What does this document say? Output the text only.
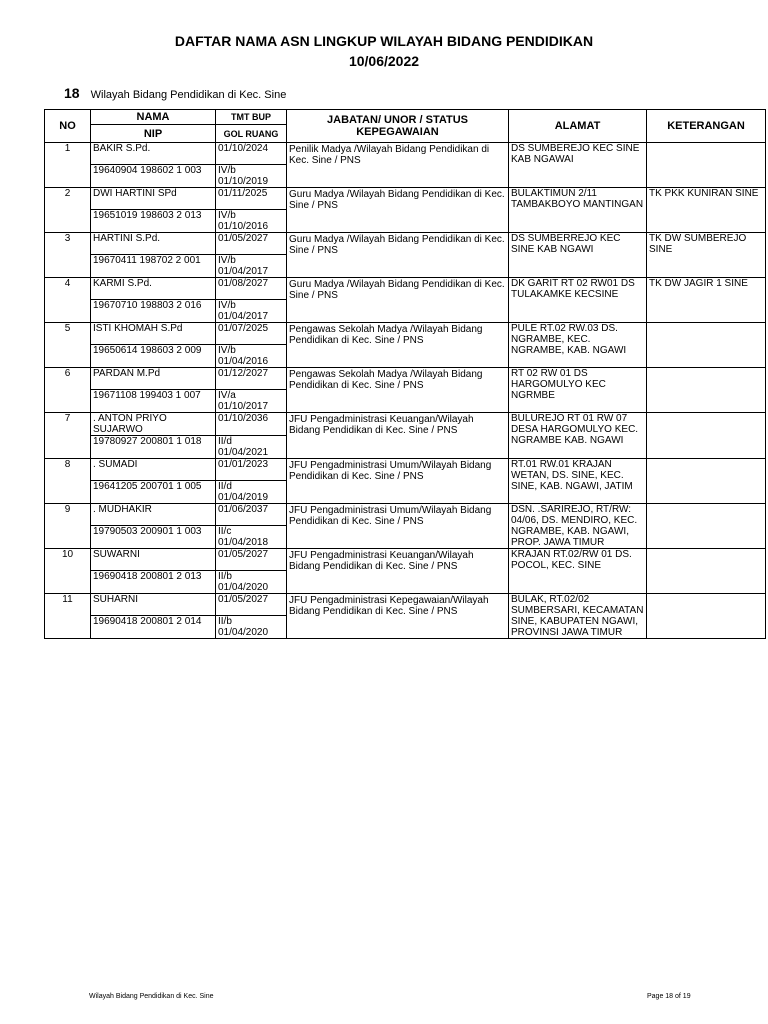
DAFTAR NAMA ASN LINGKUP WILAYAH BIDANG PENDIDIKAN
10/06/2022
18 Wilayah Bidang Pendidikan di Kec. Sine
NO	NAMA	TMT BUP	JABATAN/ UNOR / STATUS KEPEGAWAIAN	ALAMAT	KETERANGAN
	NIP	GOL RUANG			
1	BAKIR S.Pd.	01/10/2024	Penilik Madya /Wilayah Bidang Pendidikan di Kec. Sine / PNS	DS SUMBEREJO KEC SINE KAB NGAWAI	
	19640904 198602 1 003	IV/b
01/10/2019			

2	DWI HARTINI SPd	01/11/2025	Guru Madya /Wilayah Bidang Pendidikan di Kec. Sine / PNS	BULAKTIMUN 2/11 TAMBAKBOYO MANTINGAN	TK PKK KUNIRAN SINE
	19651019 198603 2 013	IV/b
01/10/2016			

3	HARTINI S.Pd.	01/05/2027	Guru Madya /Wilayah Bidang Pendidikan di Kec. Sine / PNS	DS SUMBERREJO KEC SINE KAB NGAWI	TK DW SUMBEREJO SINE
	19670411 198702 2 001	IV/b
01/04/2017			

4	KARMI S.Pd.	01/08/2027	Guru Madya /Wilayah Bidang Pendidikan di Kec. Sine / PNS	DK GARIT RT 02 RW01 DS TULAKAMKE KECSINE	TK DW JAGIR 1 SINE
	19670710 198803 2 016	IV/b
01/04/2017			

5	ISTI KHOMAH S.Pd	01/07/2025	Pengawas Sekolah Madya /Wilayah Bidang Pendidikan di Kec. Sine / PNS	PULE RT.02 RW.03 DS. NGRAMBE, KEC. NGRAMBE, KAB. NGAWI	
	19650614 198603 2 009	IV/b
01/04/2016			

6	PARDAN M.Pd	01/12/2027	Pengawas Sekolah Madya /Wilayah Bidang Pendidikan di Kec. Sine / PNS	RT 02 RW 01 DS HARGOMULYO KEC NGRMBE	
	19671108 199403 1 007	IV/a
01/10/2017			

7	. ANTON PRIYO SUJARWO	01/10/2036	JFU Pengadministrasi Keuangan/Wilayah Bidang Pendidikan di Kec. Sine / PNS	BULUREJO RT 01 RW 07 DESA HARGOMULYO KEC. NGRAMBE KAB. NGAWI	
	19780927 200801 1 018	II/d
01/04/2021			

8	. SUMADI	01/01/2023	JFU Pengadministrasi Umum/Wilayah Bidang Pendidikan di Kec. Sine / PNS	RT.01 RW.01 KRAJAN WETAN, DS. SINE, KEC. SINE, KAB. NGAWI, JATIM	
	19641205 200701 1 005	II/d
01/04/2019			

9	. MUDHAKIR	01/06/2037	JFU Pengadministrasi Umum/Wilayah Bidang Pendidikan di Kec. Sine / PNS	DSN. .SARIREJO, RT/RW: 04/06, DS. MENDIRO, KEC. NGRAMBE, KAB. NGAWI, PROP. JAWA TIMUR	
	19790503 200901 1 003	II/c
01/04/2018			

10	SUWARNI	01/05/2027	JFU Pengadministrasi Keuangan/Wilayah Bidang Pendidikan di Kec. Sine / PNS	KRAJAN RT.02/RW 01 DS. POCOL, KEC. SINE	
	19690418 200801 2 013	II/b
01/04/2020			

11	SUHARNI	01/05/2027	JFU Pengadministrasi Kepegawaian/Wilayah Bidang Pendidikan di Kec. Sine / PNS	BULAK, RT.02/02 SUMBERSARI, KECAMATAN SINE, KABUPATEN NGAWI, PROVINSI JAWA TIMUR	
	19690418 200801 2 014	II/b
01/04/2020			
Wilayah Bidang Pendidikan di Kec. Sine	Page 18 of 19
